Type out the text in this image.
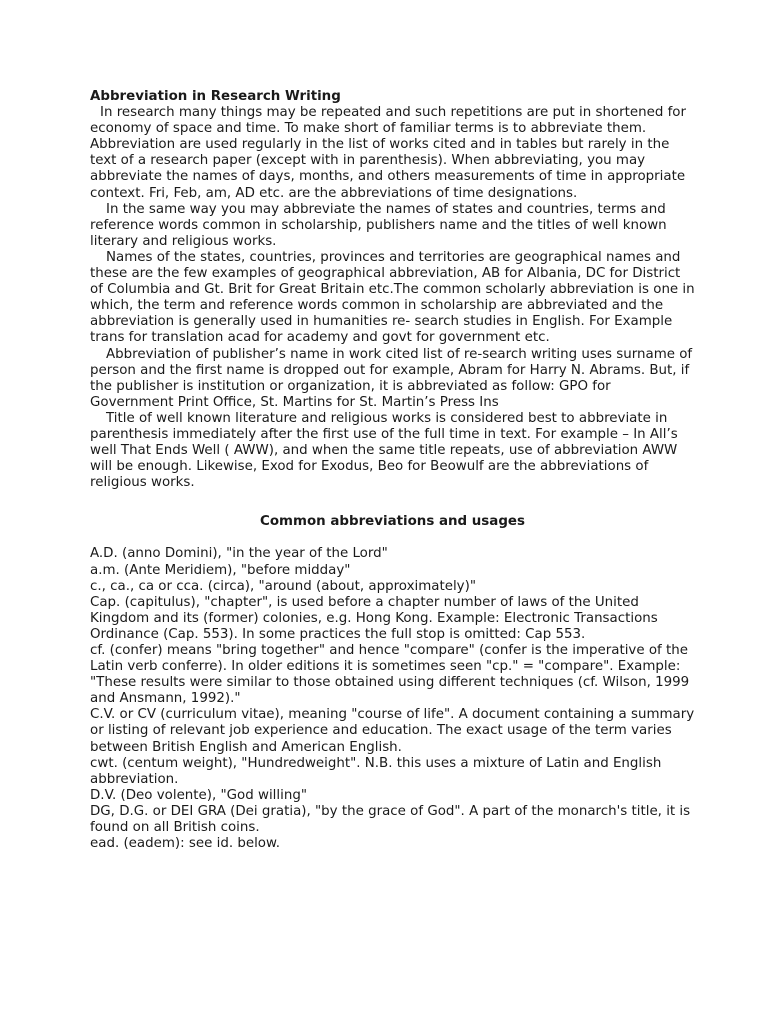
Abbreviation in Research Writing

In research many things may be repeated and such repetitions are put in shortened for economy of space and time. To make short of familiar terms is to abbreviate them. Abbreviation are used regularly in the list of works cited and in tables but rarely in the text of a research paper (except with in parenthesis). When abbreviating, you may abbreviate the names of days, months, and others measurements of time in appropriate context. Fri, Feb, am, AD etc. are the abbreviations of time designations.

In the same way you may abbreviate the names of states and countries, terms and reference words common in scholarship, publishers name and the titles of well known literary and religious works.

Names of the states, countries, provinces and territories are geographical names and these are the few examples of geographical abbreviation, AB for Albania, DC for District of Columbia and Gt. Brit for Great Britain etc.The common scholarly abbreviation is one in which, the term and reference words common in scholarship are abbreviated and the abbreviation is generally used in humanities re- search studies in English. For Example trans for translation acad for academy and govt for government etc.

Abbreviation of publisher’s name in work cited list of re-search writing uses surname of person and the first name is dropped out for example, Abram for Harry N. Abrams. But, if the publisher is institution or organization, it is abbreviated as follow: GPO for Government Print Office, St. Martins for St. Martin’s Press Ins

Title of well known literature and religious works is considered best to abbreviate in parenthesis immediately after the first use of the full time in text. For example – In All’s well That Ends Well ( AWW), and when the same title repeats, use of abbreviation AWW will be enough. Likewise, Exod for Exodus, Beo for Beowulf are the abbreviations of religious works.

Common abbreviations and usages

A.D. (anno Domini), "in the year of the Lord"

a.m. (Ante Meridiem), "before midday"

c., ca., ca or cca. (circa), "around (about, approximately)"

Cap. (capitulus), "chapter", is used before a chapter number of laws of the United Kingdom and its (former) colonies, e.g. Hong Kong. Example: Electronic Transactions Ordinance (Cap. 553). In some practices the full stop is omitted: Cap 553.

cf. (confer) means "bring together" and hence "compare" (confer is the imperative of the Latin verb conferre). In older editions it is sometimes seen "cp." = "compare". Example: "These results were similar to those obtained using different techniques (cf. Wilson, 1999 and Ansmann, 1992)."

C.V. or CV (curriculum vitae), meaning "course of life". A document containing a summary or listing of relevant job experience and education. The exact usage of the term varies between British English and American English.

cwt. (centum weight), "Hundredweight". N.B. this uses a mixture of Latin and English abbreviation.

D.V. (Deo volente), "God willing"

DG, D.G. or DEI GRA (Dei gratia), "by the grace of God". A part of the monarch's title, it is found on all British coins.

ead. (eadem): see id. below.
